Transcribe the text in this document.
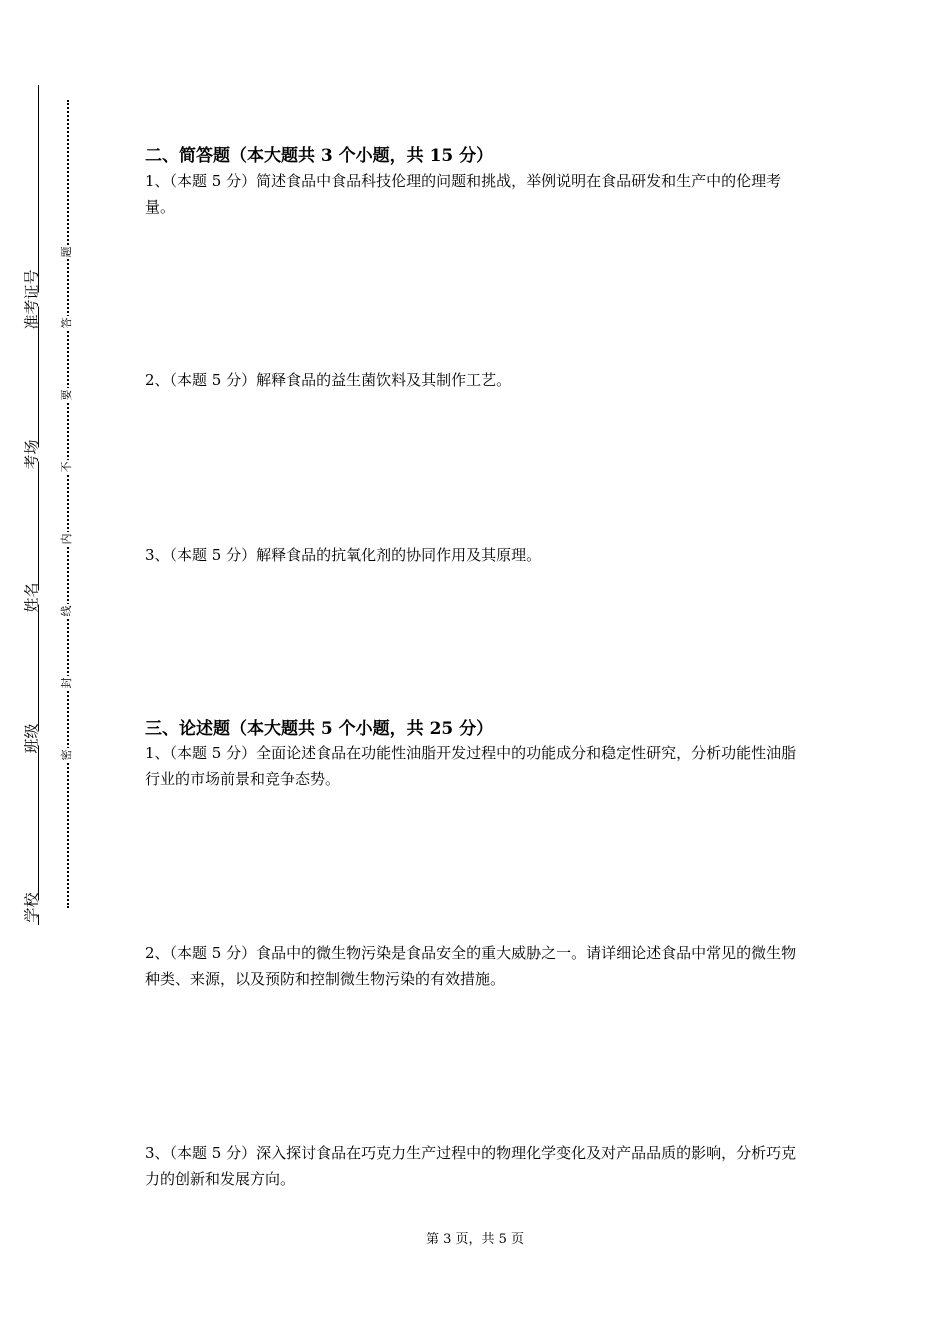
准考证号
考场
姓名
班级
学校
题
答
要
不
内
线
封
密
二、简答题（本大题共 3 个小题，共 15 分）
1、（本题 5 分）简述食品中食品科技伦理的问题和挑战，举例说明在食品研发和生产中的伦理考量。
2、（本题 5 分）解释食品的益生菌饮料及其制作工艺。
3、（本题 5 分）解释食品的抗氧化剂的协同作用及其原理。
三、论述题（本大题共 5 个小题，共 25 分）
1、（本题 5 分）全面论述食品在功能性油脂开发过程中的功能成分和稳定性研究，分析功能性油脂行业的市场前景和竞争态势。
2、（本题 5 分）食品中的微生物污染是食品安全的重大威胁之一。请详细论述食品中常见的微生物种类、来源，以及预防和控制微生物污染的有效措施。
3、（本题 5 分）深入探讨食品在巧克力生产过程中的物理化学变化及对产品品质的影响，分析巧克力的创新和发展方向。
第 3 页，共 5 页
